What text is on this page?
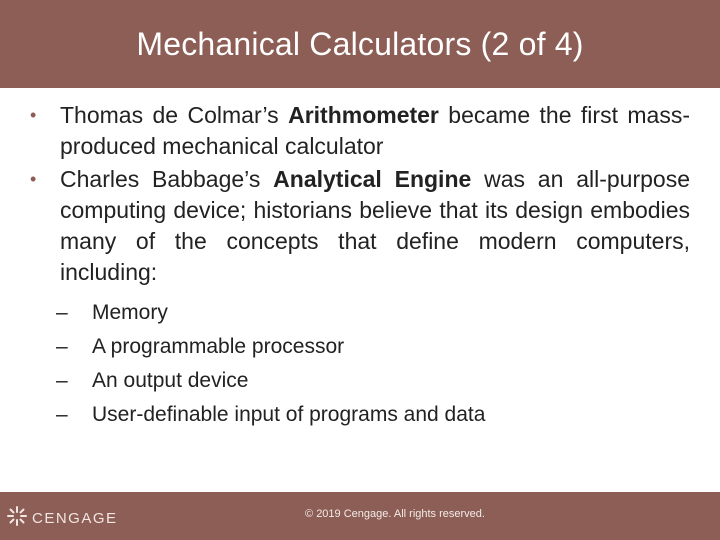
Mechanical Calculators (2 of 4)
•	Thomas de Colmar’s Arithmometer became the first mass-produced mechanical calculator
•	Charles Babbage’s Analytical Engine was an all-purpose computing device; historians believe that its design embodies many of the concepts that define modern computers, including:
–	Memory
–	A programmable processor
–	An output device
–	User-definable input of programs and data
CENGAGE	© 2019 Cengage. All rights reserved.
